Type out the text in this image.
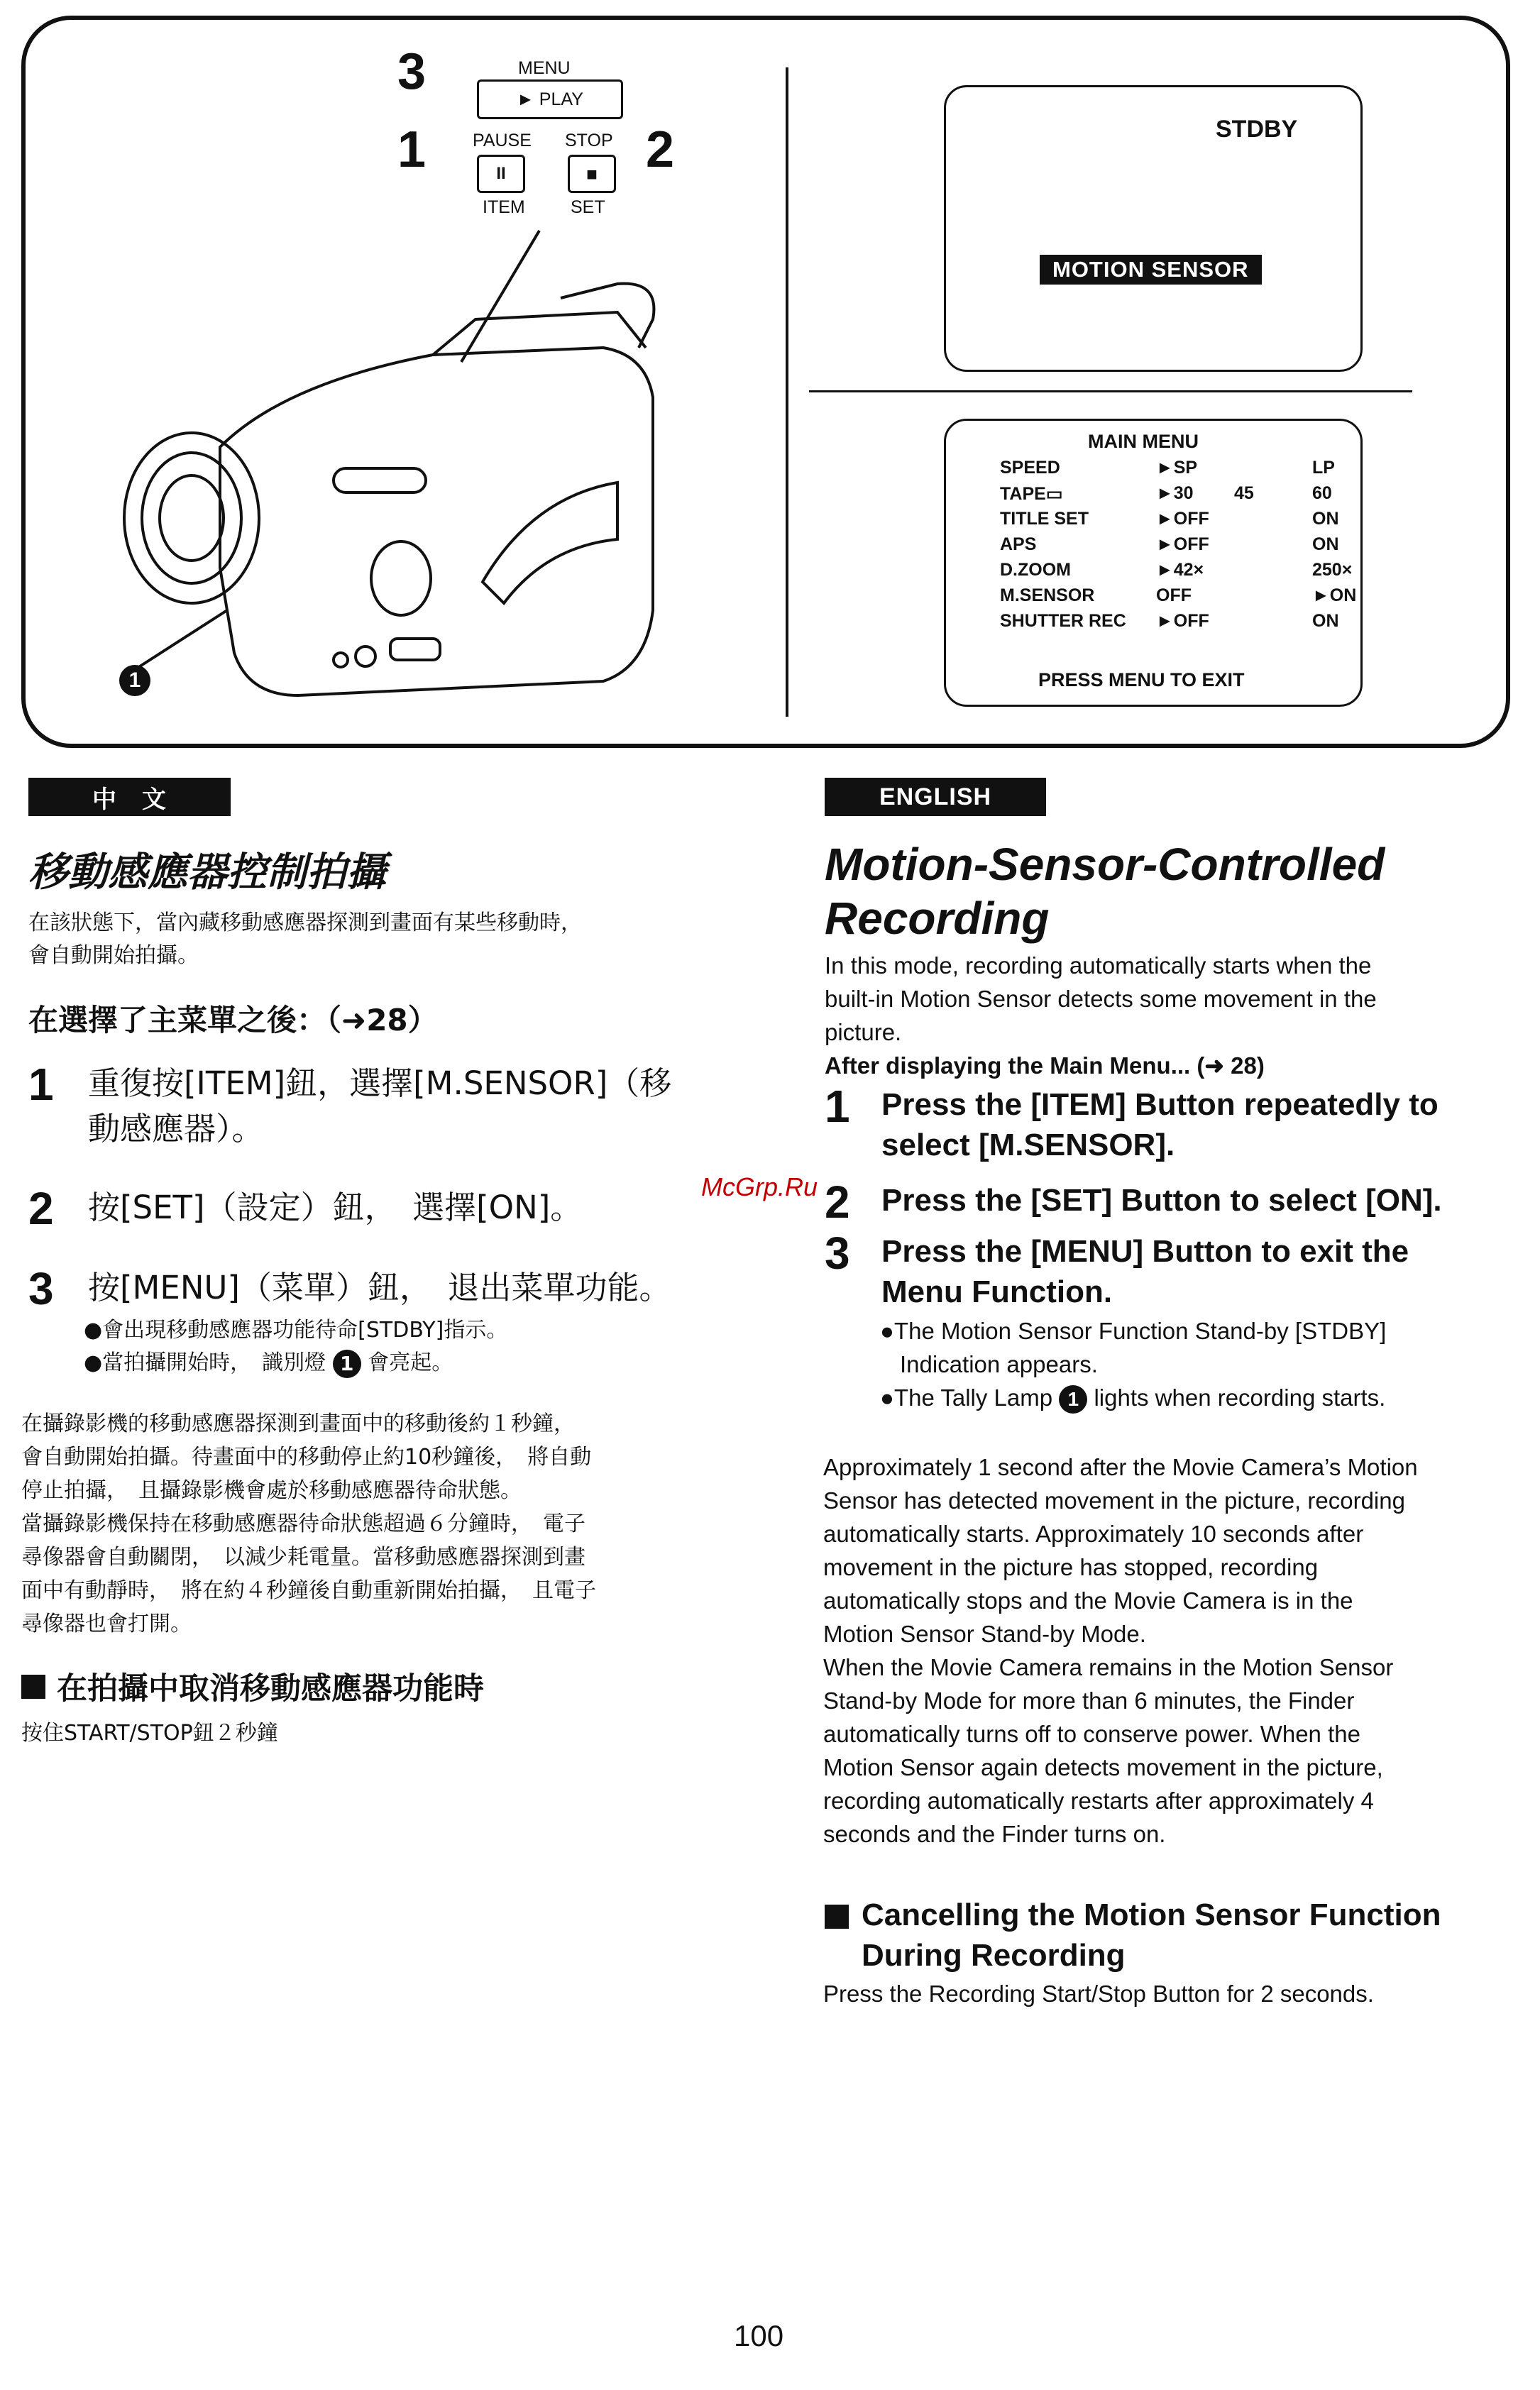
3
1	2
MENU
► PLAY
PAUSE STOP
II	■
ITEM	SET
1
STDBY
MOTION SENSOR
MAIN MENU
SPEED	►SP	LP
TAPE▭	►30 45	60
TITLE SET	►OFF	ON
APS	►OFF	ON
D.ZOOM	►42×	250×
M.SENSOR	OFF	►ON
SHUTTER REC ►OFF	ON
PRESS MENU TO EXIT
中　文	ENGLISH
移動感應器控制拍攝
在該狀態下，當內藏移動感應器探測到畫面有某些移動時，
會自動開始拍攝。
在選擇了主菜單之後：（➜28）
1 重復按[ITEM]鈕，選擇[M.SENSOR]（移
動感應器）。
2 按[SET]（設定）鈕，　選擇[ON]。
3 按[MENU]（菜單）鈕，　退出菜單功能。
●會出現移動感應器功能待命[STDBY]指示。
●當拍攝開始時，　識別燈 1 會亮起。
在攝錄影機的移動感應器探測到畫面中的移動後約１秒鐘，
會自動開始拍攝。待畫面中的移動停止約10秒鐘後，　將自動
停止拍攝，　且攝錄影機會處於移動感應器待命狀態。
當攝錄影機保持在移動感應器待命狀態超過６分鐘時，　電子
尋像器會自動關閉，　以減少耗電量。當移動感應器探測到畫
面中有動靜時，　將在約４秒鐘後自動重新開始拍攝，　且電子
尋像器也會打開。
在拍攝中取消移動感應器功能時
按住START/STOP鈕２秒鐘
Motion-Sensor-Controlled
Recording
In this mode, recording automatically starts when the
built-in Motion Sensor detects some movement in the
picture.
After displaying the Main Menu... (➜ 28)
1 Press the [ITEM] Button repeatedly to
select [M.SENSOR].
2 Press the [SET] Button to select [ON].
3 Press the [MENU] Button to exit the
Menu Function.
●The Motion Sensor Function Stand-by [STDBY]
Indication appears.
●The Tally Lamp 1 lights when recording starts.
Approximately 1 second after the Movie Camera’s Motion
Sensor has detected movement in the picture, recording
automatically starts. Approximately 10 seconds after
movement in the picture has stopped, recording
automatically stops and the Movie Camera is in the
Motion Sensor Stand-by Mode.
When the Movie Camera remains in the Motion Sensor
Stand-by Mode for more than 6 minutes, the Finder
automatically turns off to conserve power. When the
Motion Sensor again detects movement in the picture,
recording automatically restarts after approximately 4
seconds and the Finder turns on.
Cancelling the Motion Sensor Function
During Recording
Press the Recording Start/Stop Button for 2 seconds.
McGrp.Ru
100
